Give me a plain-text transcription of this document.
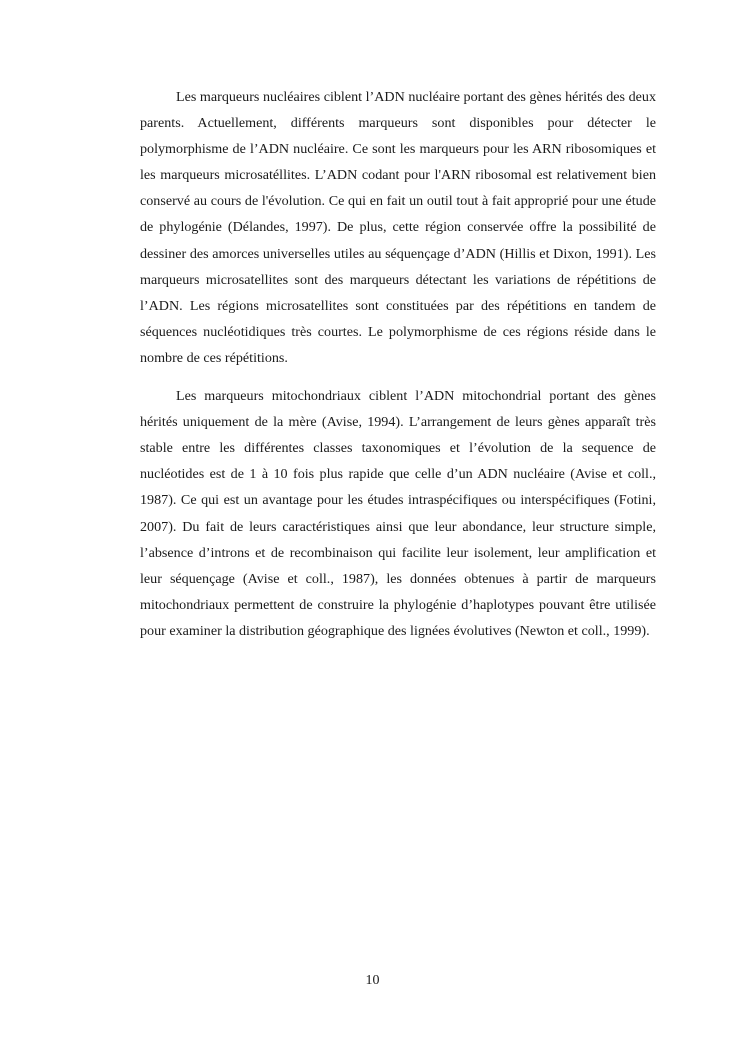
Les marqueurs nucléaires ciblent l’ADN nucléaire portant des gènes hérités des deux parents. Actuellement, différents marqueurs sont disponibles pour détecter le polymorphisme de l’ADN nucléaire. Ce sont les marqueurs pour les ARN ribosomiques et les marqueurs microsatéllites. L’ADN codant pour l'ARN ribosomal est relativement bien conservé au cours de l'évolution. Ce qui en fait un outil tout à fait approprié pour une étude de phylogénie (Délandes, 1997). De plus, cette région conservée offre la possibilité de dessiner des amorces universelles utiles au séquençage d’ADN (Hillis et Dixon, 1991). Les marqueurs microsatellites sont des marqueurs détectant les variations de répétitions de l’ADN. Les régions microsatellites sont constituées par des répétitions en tandem de séquences nucléotidiques très courtes. Le polymorphisme de ces régions réside dans le nombre de ces répétitions.

Les marqueurs mitochondriaux ciblent l’ADN mitochondrial portant des gènes hérités uniquement de la mère (Avise, 1994). L’arrangement de leurs gènes apparaît très stable entre les différentes classes taxonomiques et l’évolution de la sequence de nucléotides est de 1 à 10 fois plus rapide que celle d’un ADN nucléaire (Avise et coll., 1987). Ce qui est un avantage pour les études intraspécifiques ou interspécifiques (Fotini, 2007). Du fait de leurs caractéristiques ainsi que leur abondance, leur structure simple, l’absence d’introns et de recombinaison qui facilite leur isolement, leur amplification et leur séquençage (Avise et coll., 1987), les données obtenues à partir de marqueurs mitochondriaux permettent de construire la phylogénie d’haplotypes pouvant être utilisée pour examiner la distribution géographique des lignées évolutives (Newton et coll., 1999).

10
